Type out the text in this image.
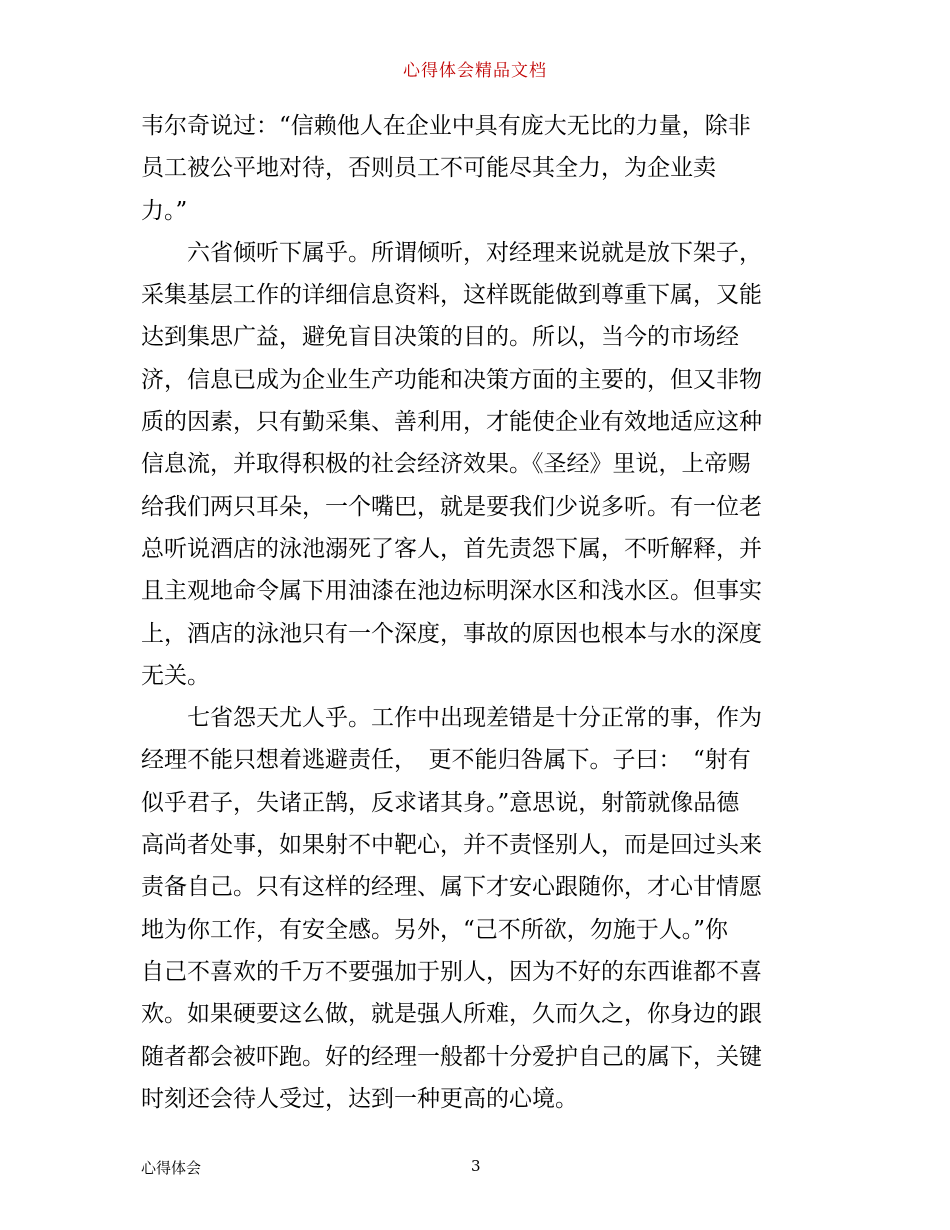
心得体会精品文档
韦尔奇说过：“信赖他人在企业中具有庞大无比的力量，除非
员工被公平地对待，否则员工不可能尽其全力，为企业卖
力。”
六省倾听下属乎。所谓倾听，对经理来说就是放下架子，
采集基层工作的详细信息资料，这样既能做到尊重下属，又能
达到集思广益，避免盲目决策的目的。所以，当今的市场经
济，信息已成为企业生产功能和决策方面的主要的，但又非物
质的因素，只有勤采集、善利用，才能使企业有效地适应这种
信息流，并取得积极的社会经济效果。《圣经》里说，上帝赐
给我们两只耳朵，一个嘴巴，就是要我们少说多听。有一位老
总听说酒店的泳池溺死了客人，首先责怨下属，不听解释，并
且主观地命令属下用油漆在池边标明深水区和浅水区。但事实
上，酒店的泳池只有一个深度，事故的原因也根本与水的深度
无关。
七省怨天尤人乎。工作中出现差错是十分正常的事，作为
经理不能只想着逃避责任，　更不能归咎属下。子曰：　“射有
似乎君子，失诸正鹄，反求诸其身。”意思说，射箭就像品德
高尚者处事，如果射不中靶心，并不责怪别人，而是回过头来
责备自己。只有这样的经理、属下才安心跟随你，才心甘情愿
地为你工作，有安全感。另外，“己不所欲，勿施于人。”你
自己不喜欢的千万不要强加于别人，因为不好的东西谁都不喜
欢。如果硬要这么做，就是强人所难，久而久之，你身边的跟
随者都会被吓跑。好的经理一般都十分爱护自己的属下，关键
时刻还会待人受过，达到一种更高的心境。
心得体会	3
